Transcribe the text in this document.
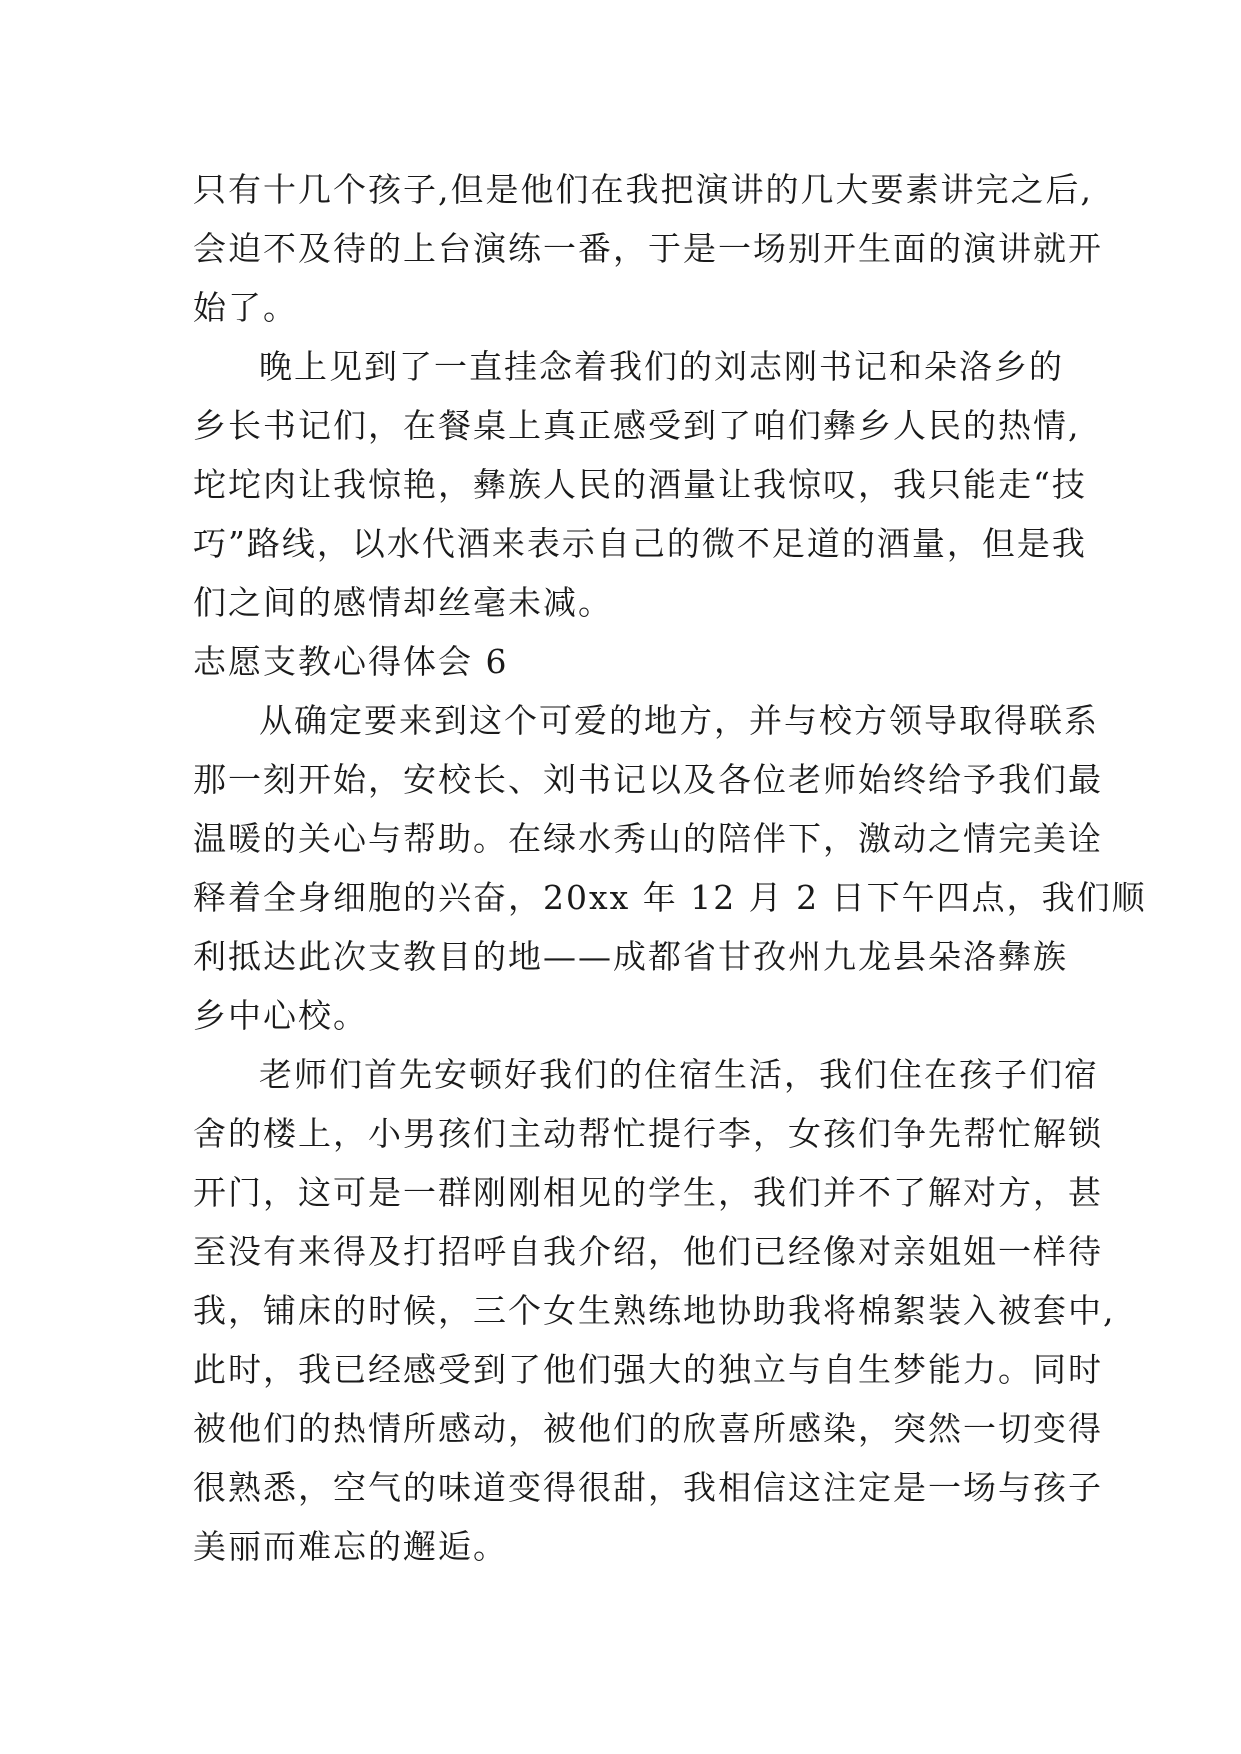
只有十几个孩子,但是他们在我把演讲的几大要素讲完之后,
会迫不及待的上台演练一番，于是一场别开生面的演讲就开
始了。
晚上见到了一直挂念着我们的刘志刚书记和朵洛乡的
乡长书记们，在餐桌上真正感受到了咱们彝乡人民的热情,
坨坨肉让我惊艳，彝族人民的酒量让我惊叹，我只能走“技
巧”路线，以水代酒来表示自己的微不足道的酒量，但是我
们之间的感情却丝毫未减。
志愿支教心得体会 6
从确定要来到这个可爱的地方，并与校方领导取得联系
那一刻开始，安校长、刘书记以及各位老师始终给予我们最
温暖的关心与帮助。在绿水秀山的陪伴下，激动之情完美诠
释着全身细胞的兴奋，20xx 年 12 月 2 日下午四点，我们顺
利抵达此次支教目的地——成都省甘孜州九龙县朵洛彝族
乡中心校。
老师们首先安顿好我们的住宿生活，我们住在孩子们宿
舍的楼上，小男孩们主动帮忙提行李，女孩们争先帮忙解锁
开门，这可是一群刚刚相见的学生，我们并不了解对方，甚
至没有来得及打招呼自我介绍，他们已经像对亲姐姐一样待
我，铺床的时候，三个女生熟练地协助我将棉絮装入被套中,
此时，我已经感受到了他们强大的独立与自生梦能力。同时
被他们的热情所感动，被他们的欣喜所感染，突然一切变得
很熟悉，空气的味道变得很甜，我相信这注定是一场与孩子
美丽而难忘的邂逅。
